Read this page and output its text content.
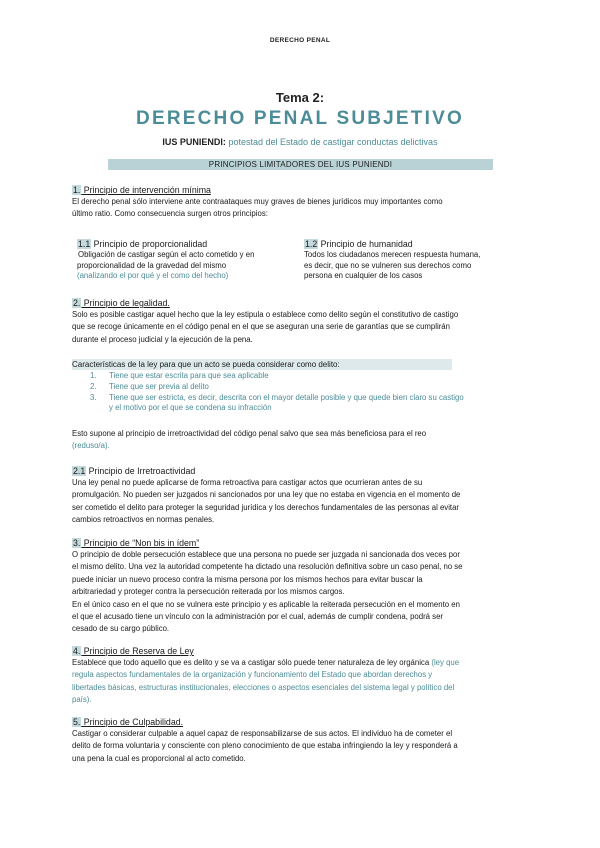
DERECHO PENAL
Tema 2:
DERECHO PENAL SUBJETIVO
IUS PUNIENDI: potestad del Estado de castigar conductas delictivas
PRINCIPIOS LIMITADORES DEL IUS PUNIENDI
1. Principio de intervención mínima
El derecho penal sólo interviene ante contraataques muy graves de bienes jurídicos muy importantes como
último ratio. Como consecuencia surgen otros principios:
1.1 Principio de proporcionalidad
Obligación de castigar según el acto cometido y en
proporcionalidad de la gravedad del mismo
(analizando el por qué y el como del hecho)
1.2 Principio de humanidad
Todos los ciudadanos merecen respuesta humana,
es decir, que no se vulneren sus derechos como
persona en cualquier de los casos
2. Principio de legalidad.
Solo es posible castigar aquel hecho que la ley estipula o establece como delito según el constitutivo de castigo
que se recoge únicamente en el código penal en el que se aseguran una serie de garantías que se cumplirán
durante el proceso judicial y la ejecución de la pena.
Características de la ley para que un acto se pueda considerar como delito:
1. Tiene que estar escrita para que sea aplicable
2. Tiene que ser previa al delito
3. Tiene que ser estricta, es decir, descrita con el mayor detalle posible y que quede bien claro su castigo
y el motivo por el que se condena su infracción
Esto supone al principio de irretroactividad del código penal salvo que sea más beneficiosa para el reo
(reduso/a).
2.1 Principio de Irretroactividad
Una ley penal no puede aplicarse de forma retroactiva para castigar actos que ocurrieran antes de su
promulgación. No pueden ser juzgados ni sancionados por una ley que no estaba en vigencia en el momento de
ser cometido el delito para proteger la seguridad jurídica y los derechos fundamentales de las personas al evitar
cambios retroactivos en normas penales.
3. Principio de “Non bis in ídem”
O principio de doble persecución establece que una persona no puede ser juzgada ni sancionada dos veces por
el mismo delito. Una vez la autoridad competente ha dictado una resolución definitiva sobre un caso penal, no se
puede iniciar un nuevo proceso contra la misma persona por los mismos hechos para evitar buscar la
arbitrariedad y proteger contra la persecución reiterada por los mismos cargos.
En el único caso en el que no se vulnera este principio y es aplicable la reiterada persecución en el momento en
el que el acusado tiene un vínculo con la administración por el cual, además de cumplir condena, podrá ser
cesado de su cargo público.
4. Principio de Reserva de Ley
Establece que todo aquello que es delito y se va a castigar sólo puede tener naturaleza de ley orgánica (ley que
regula aspectos fundamentales de la organización y funcionamiento del Estado que abordan derechos y
libertades básicas, estructuras institucionales, elecciones o aspectos esenciales del sistema legal y político del
país).
5. Principio de Culpabilidad.
Castigar o considerar culpable a aquel capaz de responsabilizarse de sus actos. El individuo ha de cometer el
delito de forma voluntaria y consciente con pleno conocimiento de que estaba infringiendo la ley y responderá a
una pena la cual es proporcional al acto cometido.
